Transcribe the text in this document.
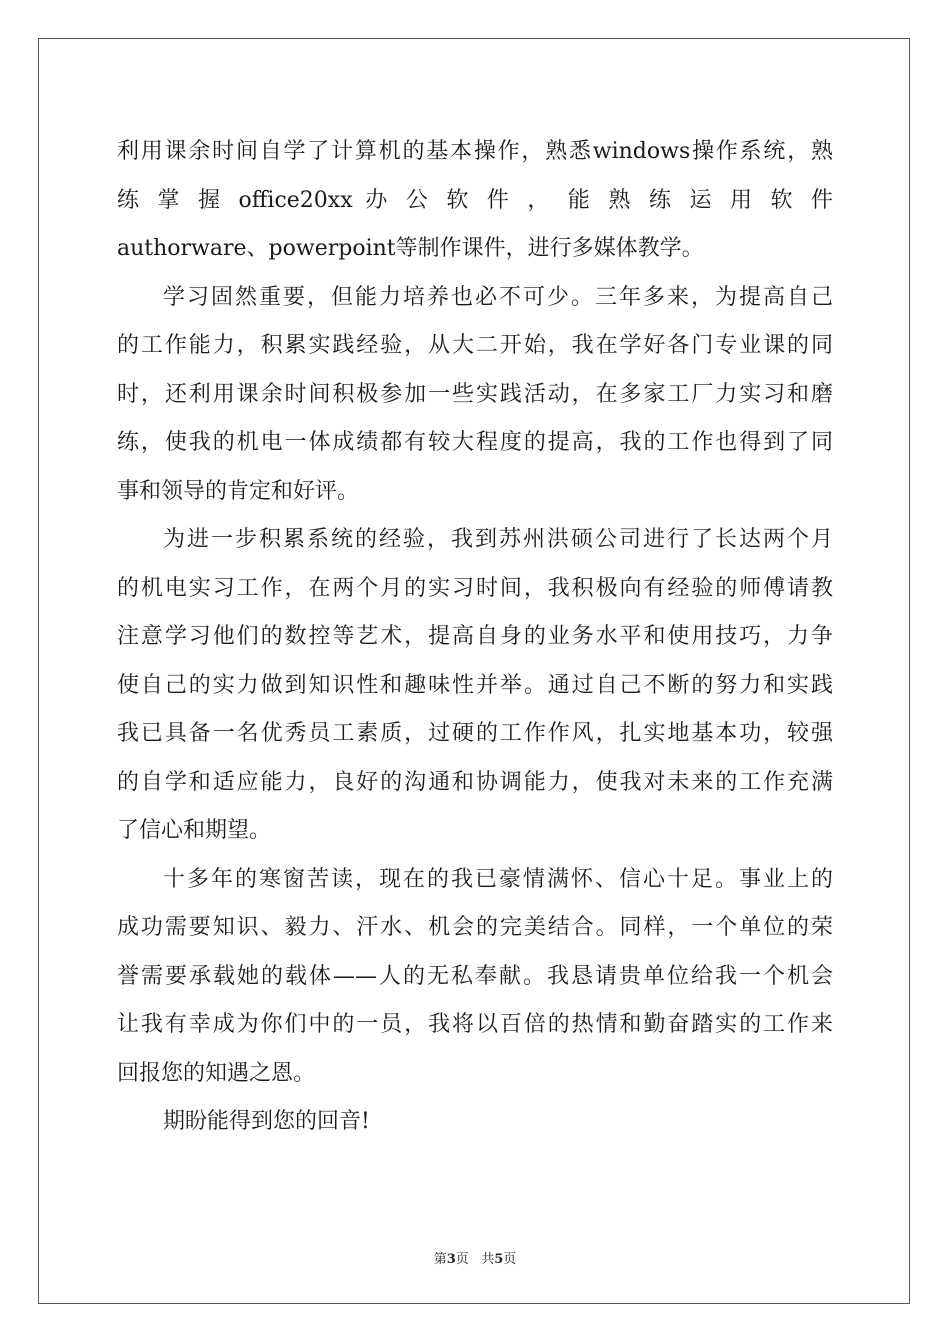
利用课余时间自学了计算机的基本操作，熟悉windows操作系统，熟
练 掌 握 office20xx 办 公 软 件 ， 能 熟 练 运 用 软 件
authorware、powerpoint等制作课件，进行多媒体教学。
学习固然重要，但能力培养也必不可少。三年多来，为提高自己
的工作能力，积累实践经验，从大二开始，我在学好各门专业课的同
时，还利用课余时间积极参加一些实践活动，在多家工厂力实习和磨
练，使我的机电一体成绩都有较大程度的提高，我的工作也得到了同
事和领导的肯定和好评。
为进一步积累系统的经验，我到苏州洪硕公司进行了长达两个月
的机电实习工作，在两个月的实习时间，我积极向有经验的师傅请教
注意学习他们的数控等艺术，提高自身的业务水平和使用技巧，力争
使自己的实力做到知识性和趣味性并举。通过自己不断的努力和实践
我已具备一名优秀员工素质，过硬的工作作风，扎实地基本功，较强
的自学和适应能力，良好的沟通和协调能力，使我对未来的工作充满
了信心和期望。
十多年的寒窗苦读，现在的我已豪情满怀、信心十足。事业上的
成功需要知识、毅力、汗水、机会的完美结合。同样，一个单位的荣
誉需要承载她的载体——人的无私奉献。我恳请贵单位给我一个机会
让我有幸成为你们中的一员，我将以百倍的热情和勤奋踏实的工作来
回报您的知遇之恩。
期盼能得到您的回音!
第3页 共5页
